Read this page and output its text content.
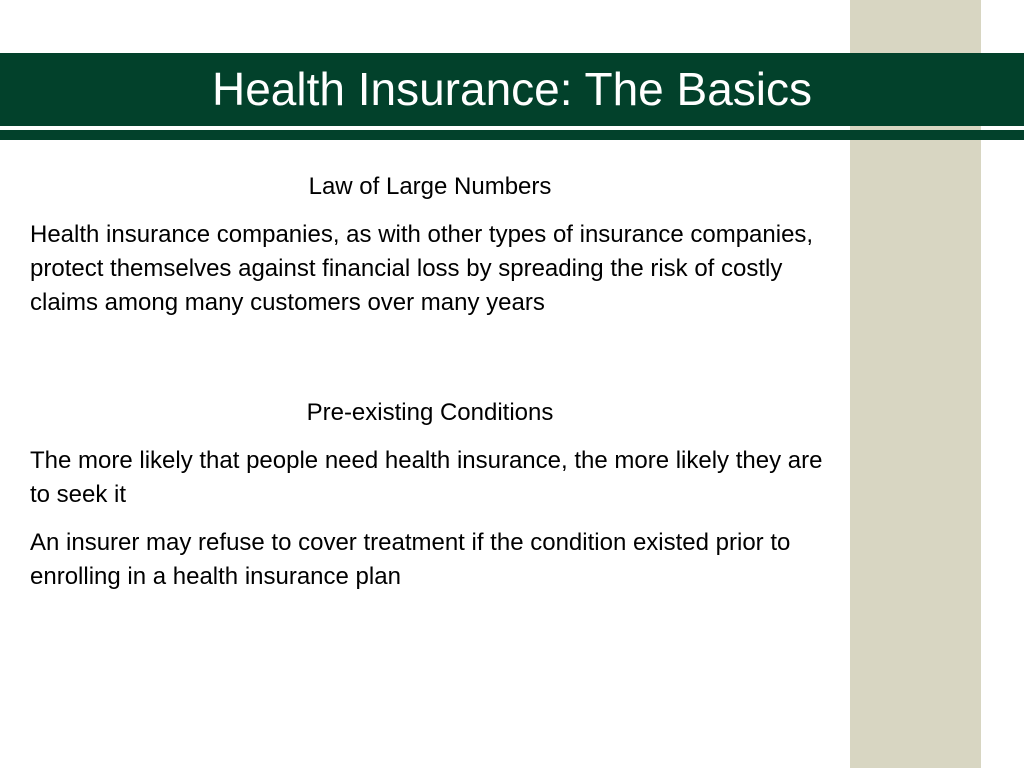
Health Insurance: The Basics
Law of Large Numbers
Health insurance companies, as with other types of insurance companies, protect themselves against financial loss by spreading the risk of costly claims among many customers over many years
Pre-existing Conditions
The more likely that people need health insurance, the more likely they are to seek it
An insurer may refuse to cover treatment if the condition existed prior to enrolling in a health insurance plan
